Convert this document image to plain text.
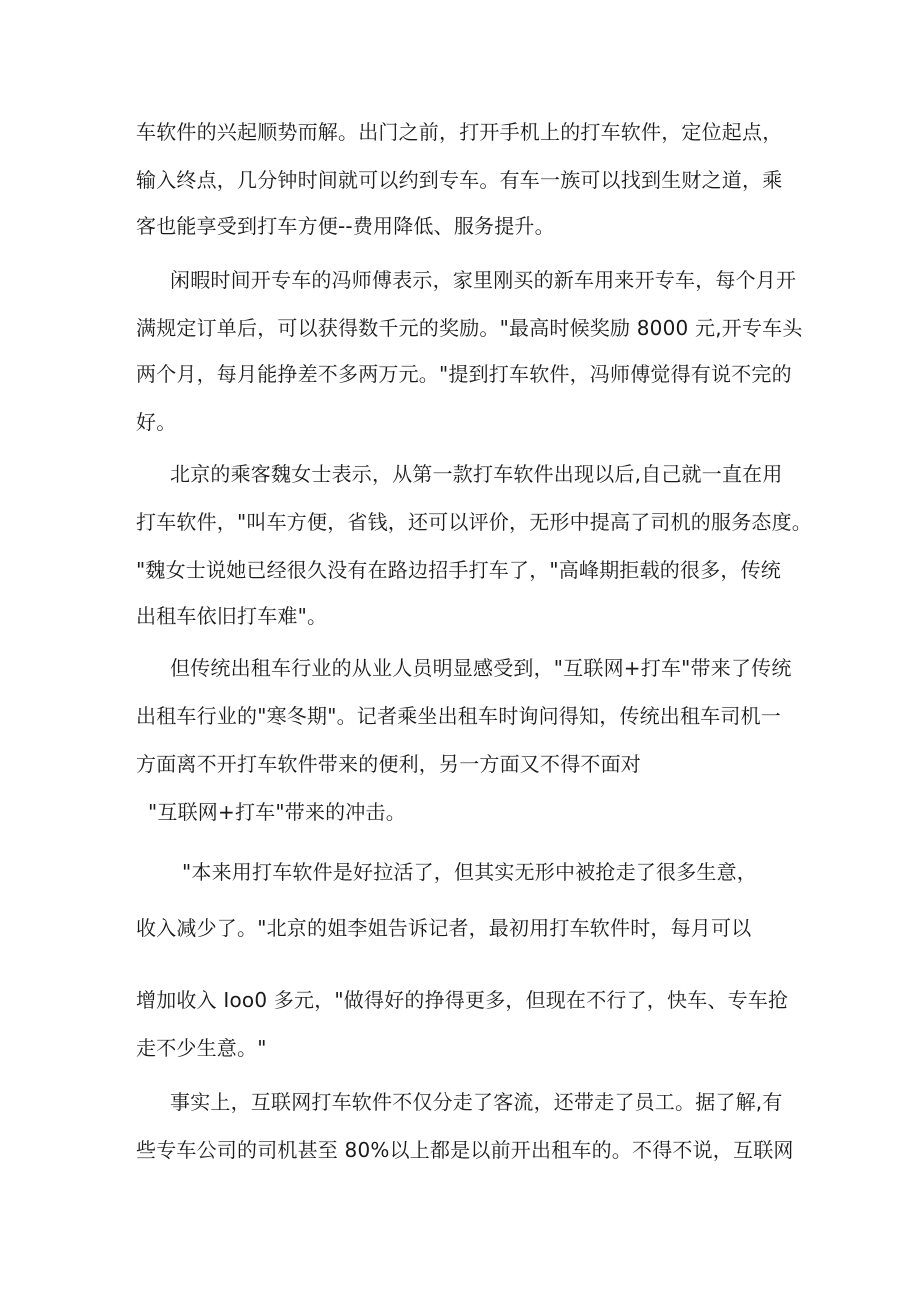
车软件的兴起顺势而解。出门之前，打开手机上的打车软件，定位起点，
输入终点，几分钟时间就可以约到专车。有车一族可以找到生财之道，乘
客也能享受到打车方便--费用降低、服务提升。
闲暇时间开专车的冯师傅表示，家里刚买的新车用来开专车，每个月开
满规定订单后，可以获得数千元的奖励。"最高时候奖励 8000 元,开专车头
两个月，每月能挣差不多两万元。"提到打车软件，冯师傅觉得有说不完的
好。
北京的乘客魏女士表示，从第一款打车软件出现以后,自己就一直在用
打车软件，"叫车方便，省钱，还可以评价，无形中提高了司机的服务态度。
"魏女士说她已经很久没有在路边招手打车了，"高峰期拒载的很多，传统
出租车依旧打车难"。
但传统出租车行业的从业人员明显感受到，"互联网+打车"带来了传统
出租车行业的"寒冬期"。记者乘坐出租车时询问得知，传统出租车司机一
方面离不开打车软件带来的便利，另一方面又不得不面对
"互联网+打车"带来的冲击。
"本来用打车软件是好拉活了，但其实无形中被抢走了很多生意，
收入减少了。"北京的姐李姐告诉记者，最初用打车软件时，每月可以
增加收入 Ioo0 多元，"做得好的挣得更多，但现在不行了，快车、专车抢
走不少生意。"
事实上，互联网打车软件不仅分走了客流，还带走了员工。据了解,有
些专车公司的司机甚至 80%以上都是以前开出租车的。不得不说，互联网
